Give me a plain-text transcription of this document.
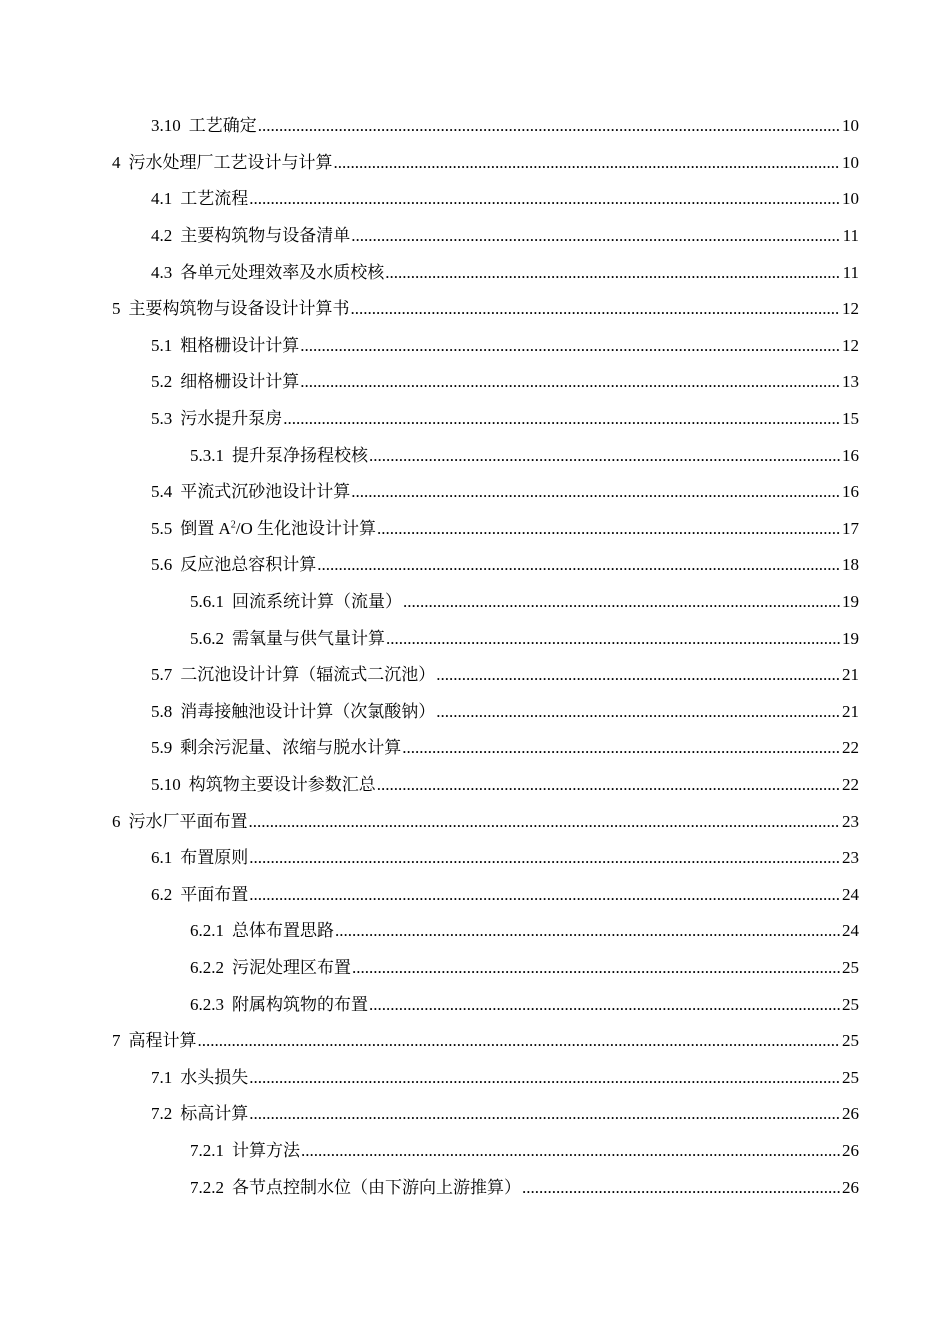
3.10 工艺确定 .....	10
4 污水处理厂工艺设计与计算 .....	10
4.1 工艺流程 .....	10
4.2 主要构筑物与设备清单 .....	11
4.3 各单元处理效率及水质校核 .....	11
5 主要构筑物与设备设计计算书 .....	12
5.1 粗格栅设计计算 .....	12
5.2 细格栅设计计算 .....	13
5.3 污水提升泵房 .....	15
5.3.1 提升泵净扬程校核 .....	16
5.4 平流式沉砂池设计计算 .....	16
5.5 倒置 $A^2/O$ 生化池设计计算 .....	17
5.6 反应池总容积计算 .....	18
5.6.1 回流系统计算（流量） .....	19
5.6.2 需氧量与供气量计算 .....	19
5.7 二沉池设计计算（辐流式二沉池） .....	21
5.8 消毒接触池设计计算（次氯酸钠） .....	21
5.9 剩余污泥量、浓缩与脱水计算 .....	22
5.10 构筑物主要设计参数汇总 .....	22
6 污水厂平面布置 .....	23
6.1 布置原则 .....	23
6.2 平面布置 .....	24
6.2.1 总体布置思路 .....	24
6.2.2 污泥处理区布置 .....	25
6.2.3 附属构筑物的布置 .....	25
7 高程计算 .....	25
7.1 水头损失 .....	25
7.2 标高计算 .....	26
7.2.1 计算方法 .....	26
7.2.2 各节点控制水位（由下游向上游推算） .....	26
